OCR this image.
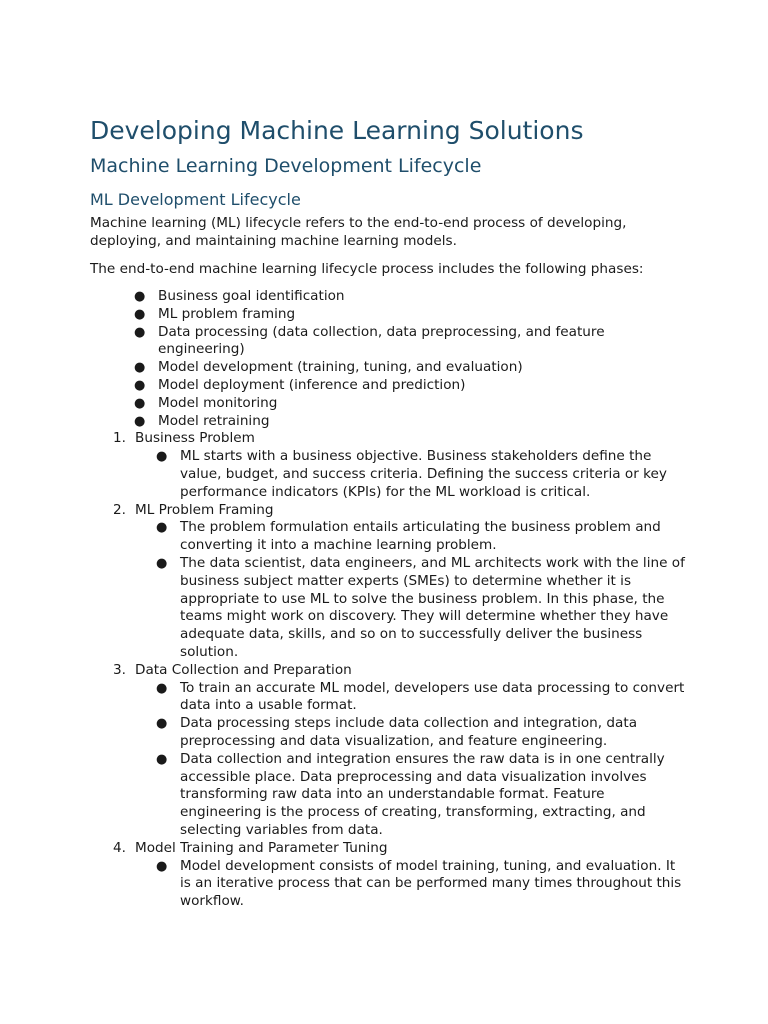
Developing Machine Learning Solutions
Machine Learning Development Lifecycle
ML Development Lifecycle

Machine learning (ML) lifecycle refers to the end-to-end process of developing, deploying, and maintaining machine learning models.

The end-to-end machine learning lifecycle process includes the following phases:

● Business goal identification
● ML problem framing
● Data processing (data collection, data preprocessing, and feature engineering)
● Model development (training, tuning, and evaluation)
● Model deployment (inference and prediction)
● Model monitoring
● Model retraining
1. Business Problem
● ML starts with a business objective. Business stakeholders define the value, budget, and success criteria. Defining the success criteria or key performance indicators (KPIs) for the ML workload is critical.
2. ML Problem Framing
● The problem formulation entails articulating the business problem and converting it into a machine learning problem.
● The data scientist, data engineers, and ML architects work with the line of business subject matter experts (SMEs) to determine whether it is appropriate to use ML to solve the business problem. In this phase, the teams might work on discovery. They will determine whether they have adequate data, skills, and so on to successfully deliver the business solution.
3. Data Collection and Preparation
● To train an accurate ML model, developers use data processing to convert data into a usable format.
● Data processing steps include data collection and integration, data preprocessing and data visualization, and feature engineering.
● Data collection and integration ensures the raw data is in one centrally accessible place. Data preprocessing and data visualization involves transforming raw data into an understandable format. Feature engineering is the process of creating, transforming, extracting, and selecting variables from data.
4. Model Training and Parameter Tuning
● Model development consists of model training, tuning, and evaluation. It is an iterative process that can be performed many times throughout this workflow.
